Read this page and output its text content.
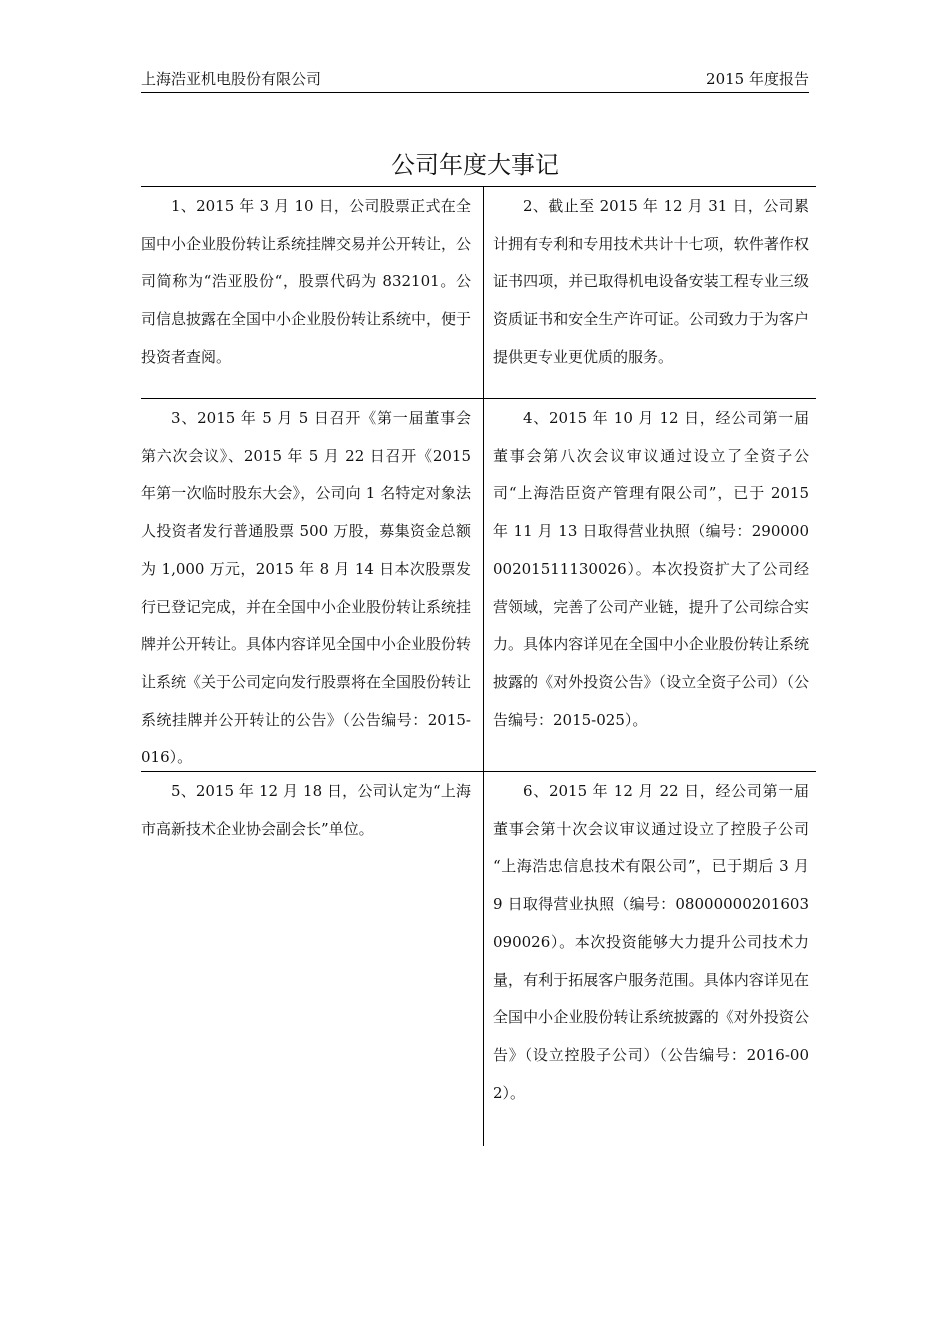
上海浩亚机电股份有限公司	2015 年度报告
公司年度大事记

1、2015 年 3 月 10 日，公司股票正式在全国中小企业股份转让系统挂牌交易并公开转让，公司简称为“浩亚股份“，股票代码为 832101。公司信息披露在全国中小企业股份转让系统中，便于投资者查阅。

2、截止至 2015 年 12 月 31 日，公司累计拥有专利和专用技术共计十七项，软件著作权证书四项，并已取得机电设备安装工程专业三级资质证书和安全生产许可证。公司致力于为客户提供更专业更优质的服务。

3、2015 年 5 月 5 日召开《第一届董事会第六次会议》、2015 年 5 月 22 日召开《2015 年第一次临时股东大会》，公司向 1 名特定对象法人投资者发行普通股票 500 万股，募集资金总额为 1,000 万元，2015 年 8 月 14 日本次股票发行已登记完成，并在全国中小企业股份转让系统挂牌并公开转让。具体内容详见全国中小企业股份转让系统《关于公司定向发行股票将在全国股份转让系统挂牌并公开转让的公告》（公告编号：2015-016）。

4、2015 年 10 月 12 日，经公司第一届董事会第八次会议审议通过设立了全资子公司“上海浩臣资产管理有限公司”，已于 2015 年 11 月 13 日取得营业执照（编号：29000000201511130026）。本次投资扩大了公司经营领域，完善了公司产业链，提升了公司综合实力。具体内容详见在全国中小企业股份转让系统披露的《对外投资公告》（设立全资子公司）（公告编号：2015-025）。

5、2015 年 12 月 18 日，公司认定为“上海市高新技术企业协会副会长”单位。

6、2015 年 12 月 22 日，经公司第一届董事会第十次会议审议通过设立了控股子公司 “上海浩忠信息技术有限公司”，已于期后 3 月 9 日取得营业执照（编号：08000000201603090026）。本次投资能够大力提升公司技术力量，有利于拓展客户服务范围。具体内容详见在全国中小企业股份转让系统披露的《对外投资公告》（设立控股子公司）（公告编号：2016-002）。
